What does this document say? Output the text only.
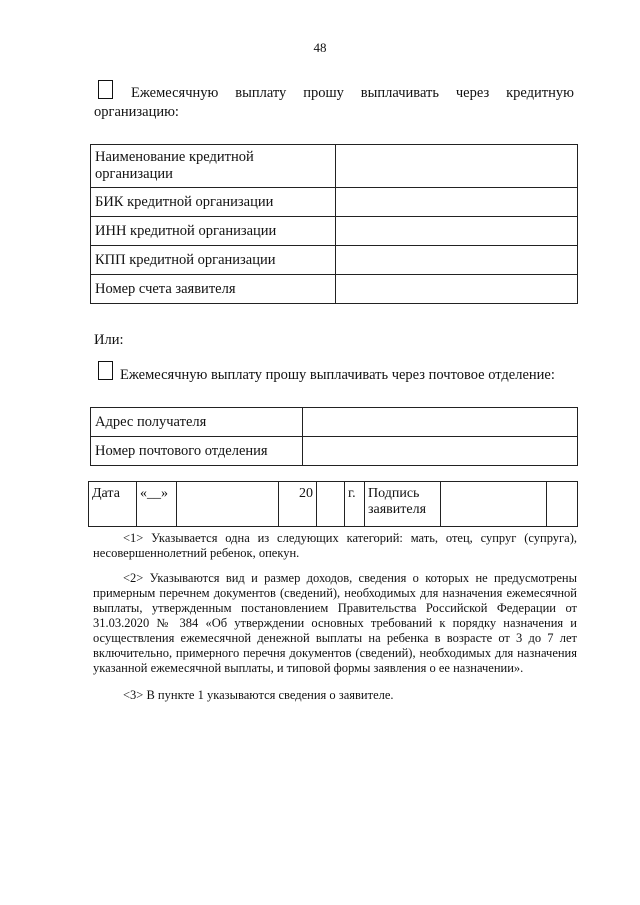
48
Ежемесячную выплату прошу выплачивать через кредитную
организацию:
Наименование кредитной организации	
БИК кредитной организации	
ИНН кредитной организации	
КПП кредитной организации	
Номер счета заявителя	
Или:
Ежемесячную выплату прошу выплачивать через почтовое отделение:
Адрес получателя	
Номер почтового отделения	
Дата	«__»		20		г.	Подпись заявителя		
<1> Указывается одна из следующих категорий: мать, отец, супруг (супруга), несовершеннолетний ребенок, опекун.
<2> Указываются вид и размер доходов, сведения о которых не предусмотрены примерным перечнем документов (сведений), необходимых для назначения ежемесячной выплаты, утвержденным постановлением Правительства Российской Федерации от 31.03.2020 № 384 «Об утверждении основных требований к порядку назначения и осуществления ежемесячной денежной выплаты на ребенка в возрасте от 3 до 7 лет включительно, примерного перечня документов (сведений), необходимых для назначения указанной ежемесячной выплаты, и типовой формы заявления о ее назначении».
<3> В пункте 1 указываются сведения о заявителе.
